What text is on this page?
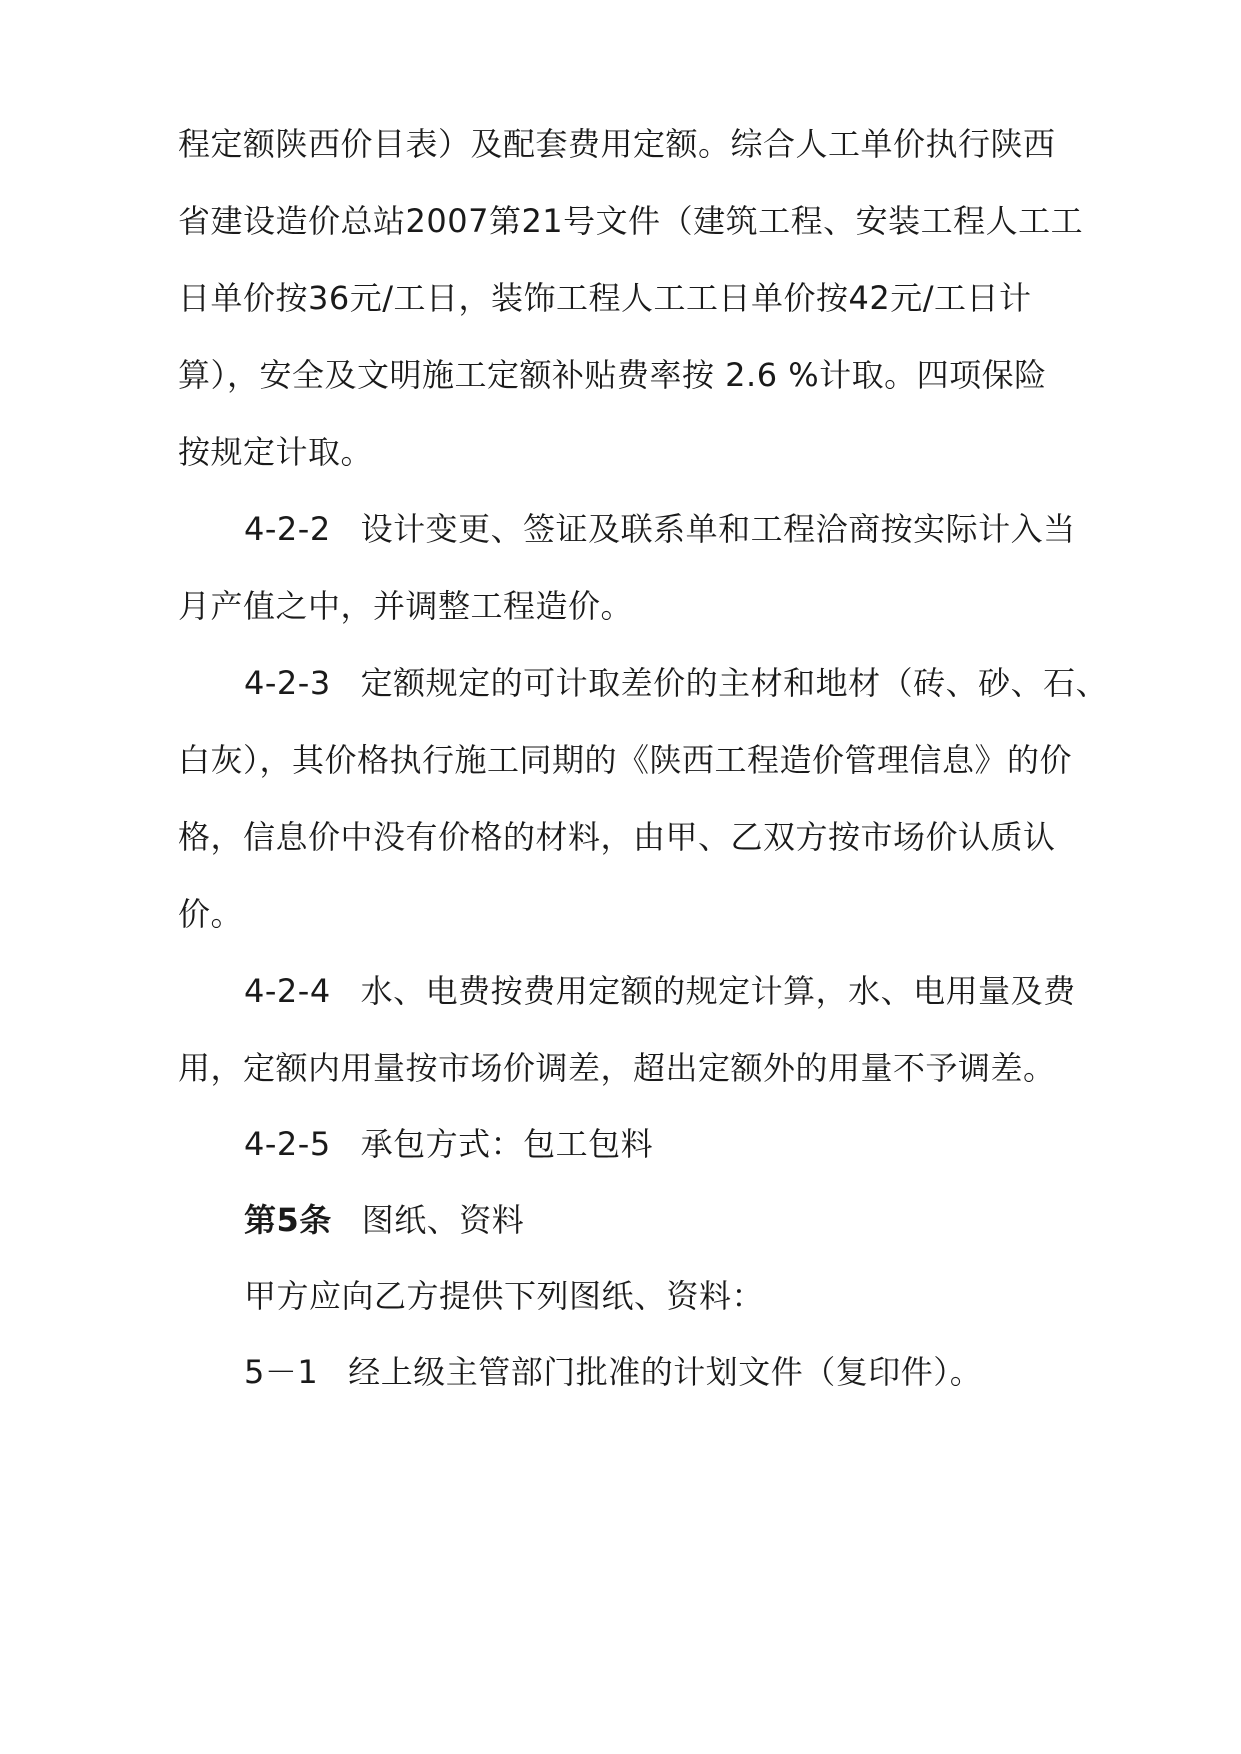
程定额陕西价目表）及配套费用定额。综合人工单价执行陕西
省建设造价总站2007第21号文件（建筑工程、安装工程人工工
日单价按36元/工日，装饰工程人工工日单价按42元/工日计
算），安全及文明施工定额补贴费率按 2.6 %计取。四项保险
按规定计取。
4-2-2 设计变更、签证及联系单和工程洽商按实际计入当
月产值之中，并调整工程造价。
4-2-3 定额规定的可计取差价的主材和地材（砖、砂、石、
白灰），其价格执行施工同期的《陕西工程造价管理信息》的价
格，信息价中没有价格的材料，由甲、乙双方按市场价认质认
价。
4-2-4 水、电费按费用定额的规定计算，水、电用量及费
用，定额内用量按市场价调差，超出定额外的用量不予调差。
4-2-5 承包方式：包工包料
第5条 图纸、资料
甲方应向乙方提供下列图纸、资料：
5－1 经上级主管部门批准的计划文件（复印件）。
